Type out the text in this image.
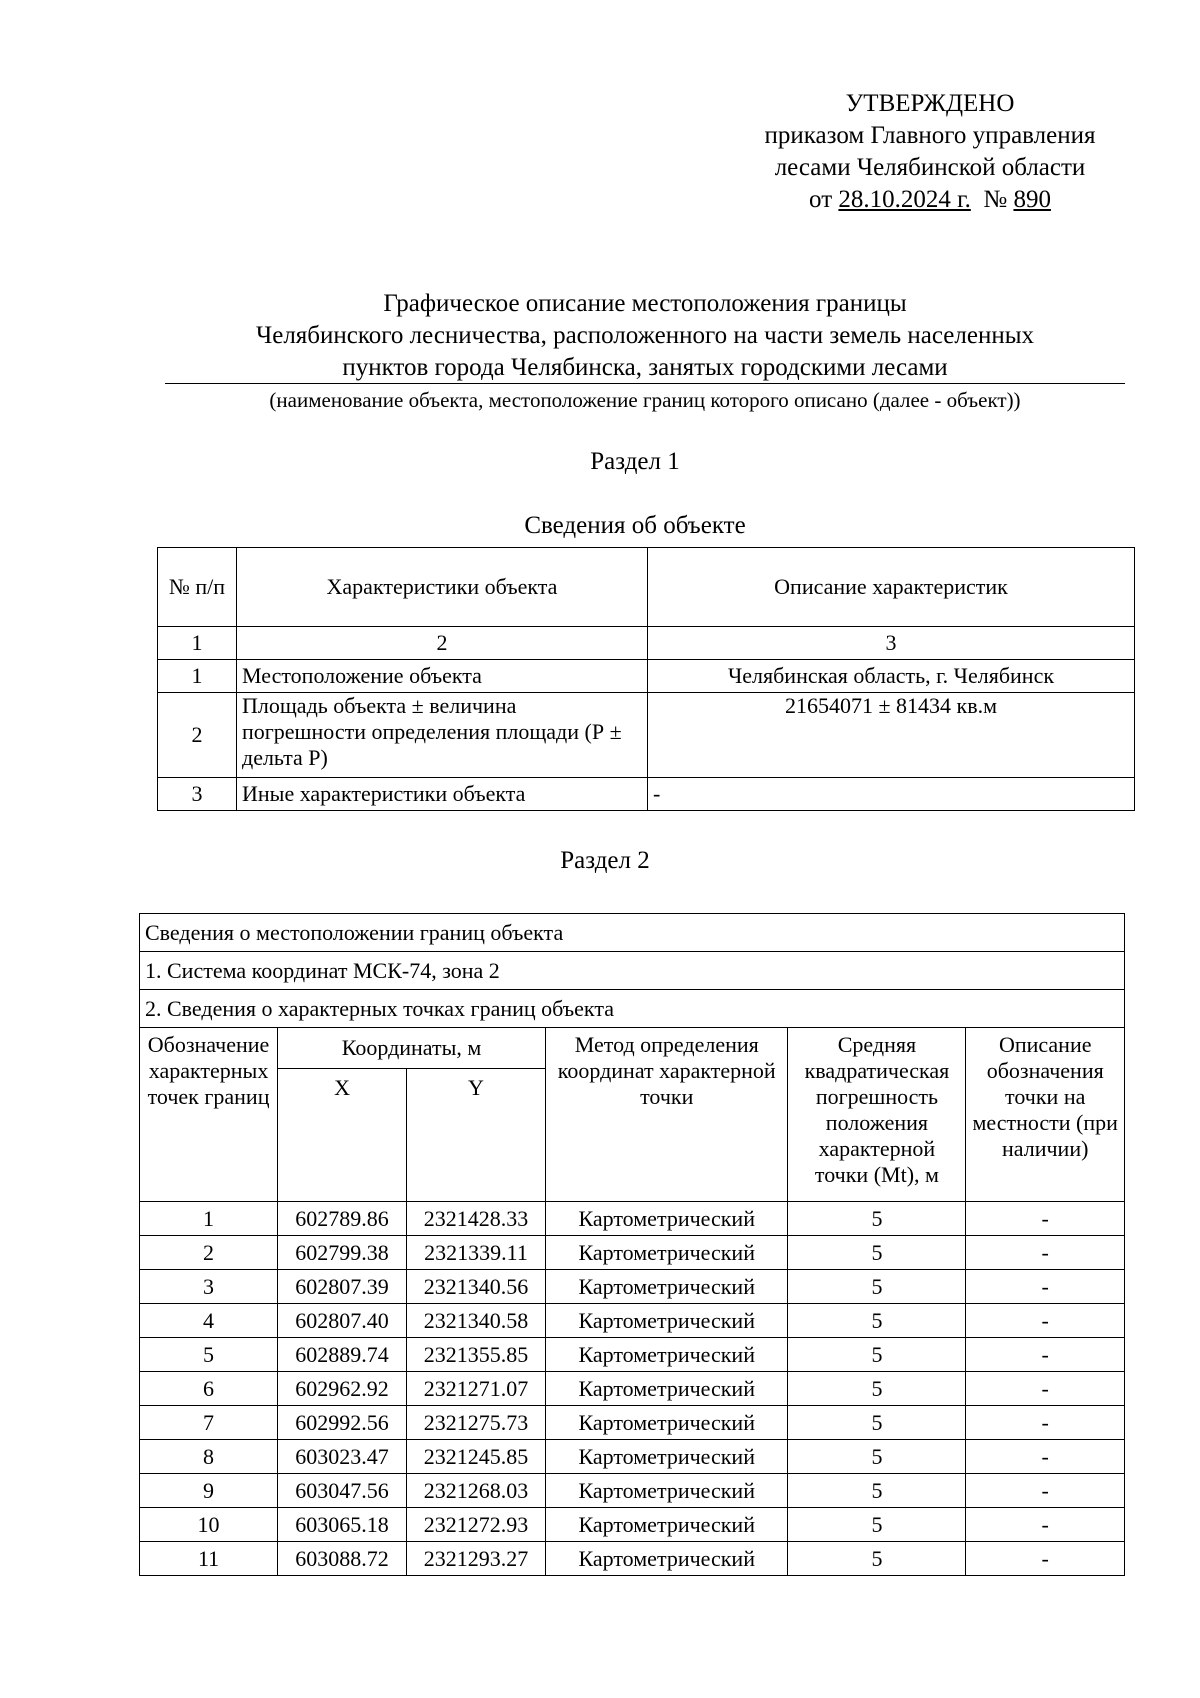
УТВЕРЖДЕНО
приказом Главного управления
лесами Челябинской области
от 28.10.2024 г. № 890
Графическое описание местоположения границы
Челябинского лесничества, расположенного на части земель населенных
пунктов города Челябинска, занятых городскими лесами
(наименование объекта, местоположение границ которого описано (далее - объект))
Раздел 1
Сведения об объекте
№ п/п	Характеристики объекта	Описание характеристик
1	2	3
1	Местоположение объекта	Челябинская область, г. Челябинск
2	Площадь объекта ± величина погрешности определения площади (Р ± дельта Р)	21654071 ± 81434 кв.м
3	Иные характеристики объекта	-
Раздел 2
Сведения о местоположении границ объекта					
1. Система координат МСК-74, зона 2					
2. Сведения о характерных точках границ объекта					
Обозначение характерных точек границ	Координаты, м		Метод определения координат характерной точки	Средняя квадратическая погрешность положения характерной точки (Mt), м	Описание обозначения точки на местности (при наличии)
	X	Y			
1	602789.86	2321428.33	Картометрический	5	-
2	602799.38	2321339.11	Картометрический	5	-
3	602807.39	2321340.56	Картометрический	5	-
4	602807.40	2321340.58	Картометрический	5	-
5	602889.74	2321355.85	Картометрический	5	-
6	602962.92	2321271.07	Картометрический	5	-
7	602992.56	2321275.73	Картометрический	5	-
8	603023.47	2321245.85	Картометрический	5	-
9	603047.56	2321268.03	Картометрический	5	-
10	603065.18	2321272.93	Картометрический	5	-
11	603088.72	2321293.27	Картометрический	5	-
